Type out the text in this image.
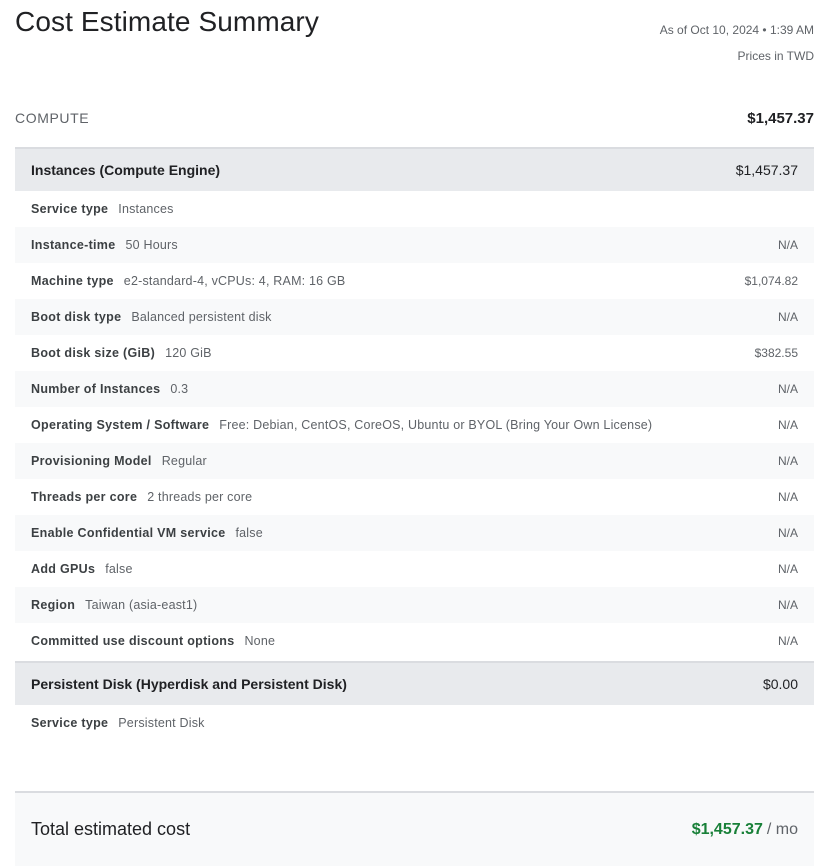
Cost Estimate Summary	As of Oct 10, 2024 • 1:39 AM
Prices in TWD
COMPUTE	$1,457.37
Instances (Compute Engine)	$1,457.37
Service type Instances
Instance-time 50 Hours	N/A
Machine type e2-standard-4, vCPUs: 4, RAM: 16 GB	$1,074.82
Boot disk type Balanced persistent disk	N/A
Boot disk size (GiB) 120 GiB	$382.55
Number of Instances 0.3	N/A
Operating System / Software Free: Debian, CentOS, CoreOS, Ubuntu or BYOL (Bring Your Own License)	N/A
Provisioning Model Regular	N/A
Threads per core 2 threads per core	N/A
Enable Confidential VM service false	N/A
Add GPUs false	N/A
Region Taiwan (asia-east1)	N/A
Committed use discount options None	N/A
Persistent Disk (Hyperdisk and Persistent Disk)	$0.00
Service type Persistent Disk
Total estimated cost	$1,457.37 / mo
